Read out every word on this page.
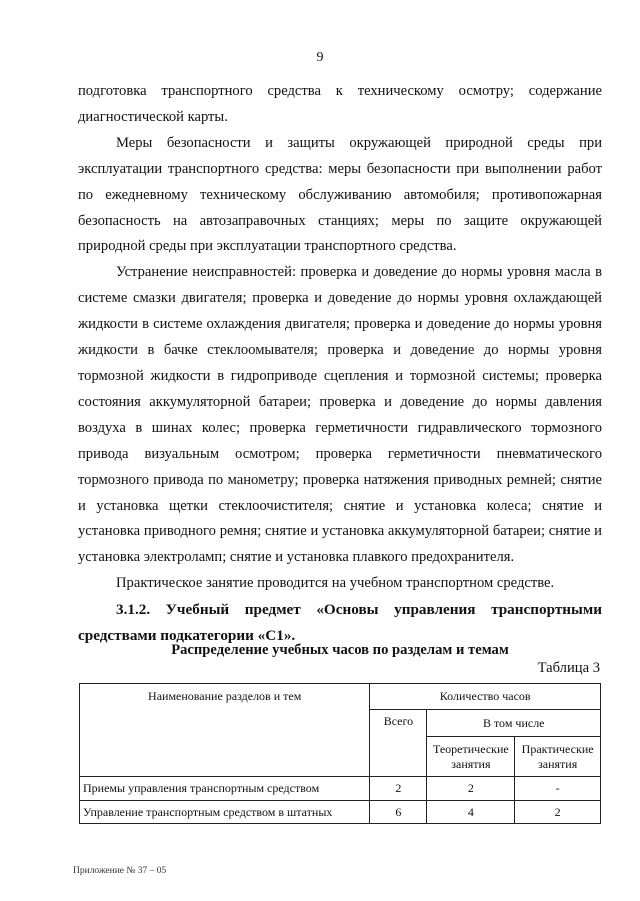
9

подготовка транспортного средства к техническому осмотру; содержание диагностической карты.

Меры безопасности и защиты окружающей природной среды при эксплуатации транспортного средства: меры безопасности при выполнении работ по ежедневному техническому обслуживанию автомобиля; противопожарная безопасность на автозаправочных станциях; меры по защите окружающей природной среды при эксплуатации транспортного средства.

Устранение неисправностей: проверка и доведение до нормы уровня масла в системе смазки двигателя; проверка и доведение до нормы уровня охлаждающей жидкости в системе охлаждения двигателя; проверка и доведение до нормы уровня жидкости в бачке стеклоомывателя; проверка и доведение до нормы уровня тормозной жидкости в гидроприводе сцепления и тормозной системы; проверка состояния аккумуляторной батареи; проверка и доведение до нормы давления воздуха в шинах колес; проверка герметичности гидравлического тормозного привода визуальным осмотром; проверка герметичности пневматического тормозного привода по манометру; проверка натяжения приводных ремней; снятие и установка щетки стеклоочистителя; снятие и установка колеса; снятие и установка приводного ремня; снятие и установка аккумуляторной батареи; снятие и установка электроламп; снятие и установка плавкого предохранителя.

Практическое занятие проводится на учебном транспортном средстве.

3.1.2. Учебный предмет «Основы управления транспортными средствами подкатегории «C1».

Распределение учебных часов по разделам и темам
Таблица 3
Наименование разделов и тем	Количество часов		
	Всего	В том числе	
		Теоретические занятия	Практические занятия
Приемы управления транспортным средством	2	2	-
Управление транспортным средством в штатных	6	4	2
Приложение № 37 – 05
